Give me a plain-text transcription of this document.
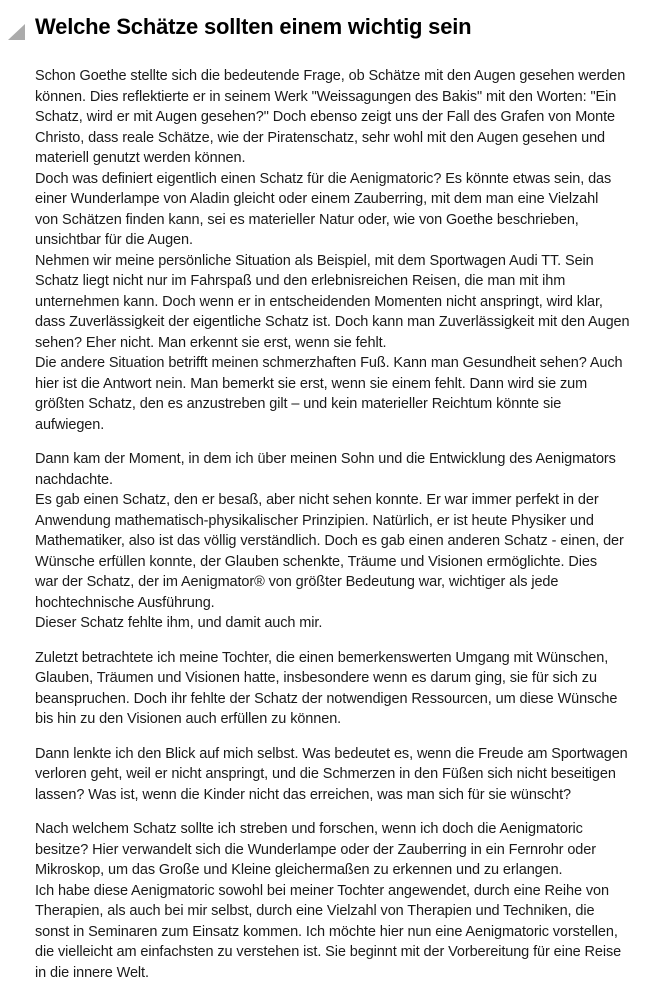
Welche Schätze sollten einem wichtig sein
Schon Goethe stellte sich die bedeutende Frage, ob Schätze mit den Augen gesehen werden
können. Dies reflektierte er in seinem Werk "Weissagungen des Bakis" mit den Worten: "Ein
Schatz, wird er mit Augen gesehen?" Doch ebenso zeigt uns der Fall des Grafen von Monte
Christo, dass reale Schätze, wie der Piratenschatz, sehr wohl mit den Augen gesehen und
materiell genutzt werden können.
Doch was definiert eigentlich einen Schatz für die Aenigmatoric? Es könnte etwas sein, das
einer Wunderlampe von Aladin gleicht oder einem Zauberring, mit dem man eine Vielzahl
von Schätzen finden kann, sei es materieller Natur oder, wie von Goethe beschrieben,
unsichtbar für die Augen.
Nehmen wir meine persönliche Situation als Beispiel, mit dem Sportwagen Audi TT. Sein
Schatz liegt nicht nur im Fahrspaß und den erlebnisreichen Reisen, die man mit ihm
unternehmen kann. Doch wenn er in entscheidenden Momenten nicht anspringt, wird klar,
dass Zuverlässigkeit der eigentliche Schatz ist. Doch kann man Zuverlässigkeit mit den Augen
sehen? Eher nicht. Man erkennt sie erst, wenn sie fehlt.
Die andere Situation betrifft meinen schmerzhaften Fuß. Kann man Gesundheit sehen? Auch
hier ist die Antwort nein. Man bemerkt sie erst, wenn sie einem fehlt. Dann wird sie zum
größten Schatz, den es anzustreben gilt – und kein materieller Reichtum könnte sie
aufwiegen.
Dann kam der Moment, in dem ich über meinen Sohn und die Entwicklung des Aenigmators
nachdachte.
Es gab einen Schatz, den er besaß, aber nicht sehen konnte. Er war immer perfekt in der
Anwendung mathematisch-physikalischer Prinzipien. Natürlich, er ist heute Physiker und
Mathematiker, also ist das völlig verständlich. Doch es gab einen anderen Schatz - einen, der
Wünsche erfüllen konnte, der Glauben schenkte, Träume und Visionen ermöglichte. Dies
war der Schatz, der im Aenigmator® von größter Bedeutung war, wichtiger als jede
hochtechnische Ausführung.
Dieser Schatz fehlte ihm, und damit auch mir.
Zuletzt betrachtete ich meine Tochter, die einen bemerkenswerten Umgang mit Wünschen,
Glauben, Träumen und Visionen hatte, insbesondere wenn es darum ging, sie für sich zu
beanspruchen. Doch ihr fehlte der Schatz der notwendigen Ressourcen, um diese Wünsche
bis hin zu den Visionen auch erfüllen zu können.
Dann lenkte ich den Blick auf mich selbst. Was bedeutet es, wenn die Freude am Sportwagen
verloren geht, weil er nicht anspringt, und die Schmerzen in den Füßen sich nicht beseitigen
lassen? Was ist, wenn die Kinder nicht das erreichen, was man sich für sie wünscht?
Nach welchem Schatz sollte ich streben und forschen, wenn ich doch die Aenigmatoric
besitze? Hier verwandelt sich die Wunderlampe oder der Zauberring in ein Fernrohr oder
Mikroskop, um das Große und Kleine gleichermaßen zu erkennen und zu erlangen.
Ich habe diese Aenigmatoric sowohl bei meiner Tochter angewendet, durch eine Reihe von
Therapien, als auch bei mir selbst, durch eine Vielzahl von Therapien und Techniken, die
sonst in Seminaren zum Einsatz kommen. Ich möchte hier nun eine Aenigmatoric vorstellen,
die vielleicht am einfachsten zu verstehen ist. Sie beginnt mit der Vorbereitung für eine Reise
in die innere Welt.
